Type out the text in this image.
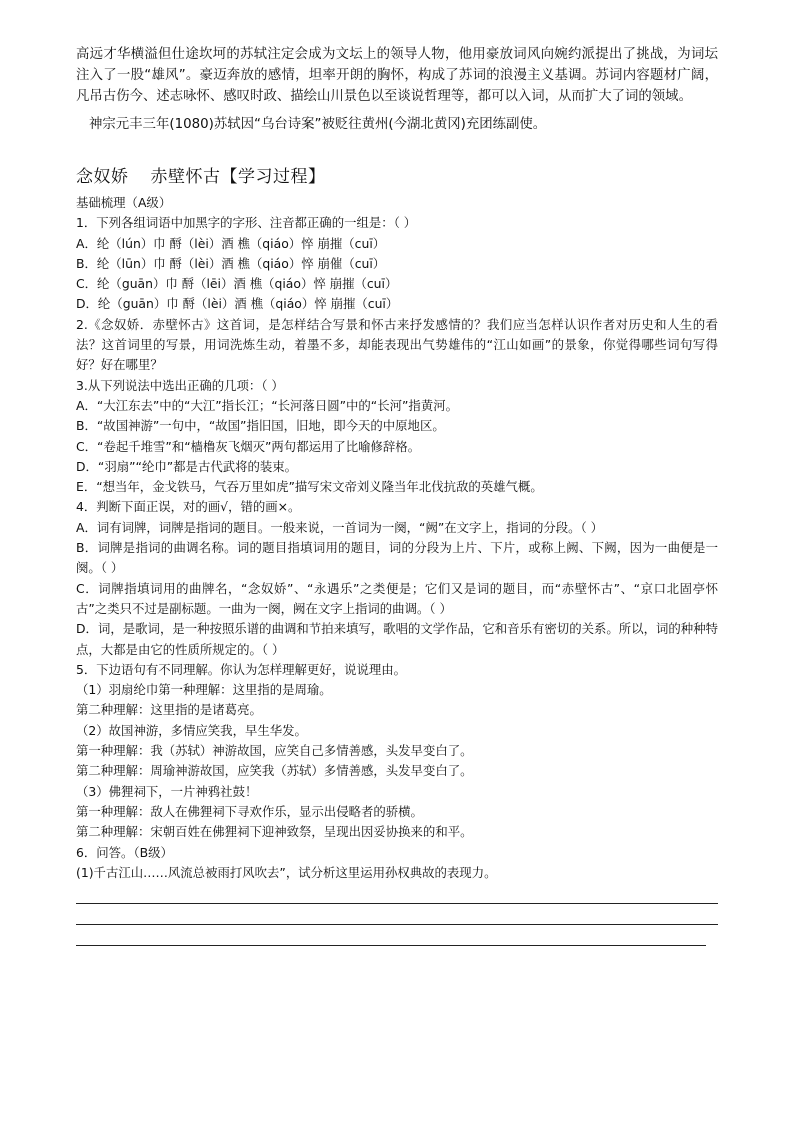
高远才华横溢但仕途坎坷的苏轼注定会成为文坛上的领导人物，他用豪放词风向婉约派提出了挑战，为词坛注入了一股“雄风”。豪迈奔放的感情，坦率开朗的胸怀，构成了苏词的浪漫主义基调。苏词内容题材广阔，凡吊古伤今、述志咏怀、感叹时政、描绘山川景色以至谈说哲理等，都可以入词，从而扩大了词的领域。

神宗元丰三年(1080)苏轼因“乌台诗案”被贬往黄州(今湖北黄冈)充团练副使。

念奴娇 赤壁怀古【学习过程】
基础梳理（A级）
1．下列各组词语中加黑字的字形、注音都正确的一组是：（ ）
A．纶（lún）巾 酹（lèi）酒 樵（qiáo）悴 崩摧（cuī）
B．纶（lūn）巾 酹（lèi）酒 樵（qiáo）悴 崩催（cuī）
C．纶（guān）巾 酹（lēi）酒 樵（qiáo）悴 崩摧（cuī）
D．纶（guān）巾 酹（lèi）酒 樵（qiáo）悴 崩摧（cuī）
2.《念奴娇．赤壁怀古》这首词，是怎样结合写景和怀古来抒发感情的？我们应当怎样认识作者对历史和人生的看法？这首词里的写景，用词洗炼生动，着墨不多，却能表现出气势雄伟的“江山如画”的景象，你觉得哪些词句写得好？好在哪里？
3.从下列说法中选出正确的几项：（ ）
A．“大江东去”中的“大江”指长江；“长河落日圆”中的“长河”指黄河。
B．“故国神游”一句中，“故国”指旧国，旧地，即今天的中原地区。
C．“卷起千堆雪”和“樯橹灰飞烟灭”两句都运用了比喻修辞格。
D．“羽扇”“纶巾”都是古代武将的装束。
E．“想当年，金戈铁马，气吞万里如虎”描写宋文帝刘义隆当年北伐抗敌的英雄气概。
4．判断下面正误，对的画√，错的画×。
A．词有词牌，词牌是指词的题目。一般来说，一首词为一阕，“阙”在文字上，指词的分段。（ ）
B．词牌是指词的曲调名称。词的题目指填词用的题目，词的分段为上片、下片，或称上阙、下阙，因为一曲便是一阕。（ ）
C．词牌指填词用的曲牌名，“念奴娇”、“永遇乐”之类便是；它们又是词的题目，而“赤壁怀古”、“京口北固亭怀古”之类只不过是副标题。一曲为一阕，阙在文字上指词的曲调。（ ）
D．词，是歌词，是一种按照乐谱的曲调和节拍来填写，歌唱的文学作品，它和音乐有密切的关系。所以，词的种种特点，大都是由它的性质所规定的。（ ）
5．下边语句有不同理解。你认为怎样理解更好，说说理由。
（1）羽扇纶巾第一种理解：这里指的是周瑜。
第二种理解：这里指的是诸葛亮。
（2）故国神游，多情应笑我，早生华发。
第一种理解：我（苏轼）神游故国，应笑自己多情善感，头发早变白了。
第二种理解：周瑜神游故国，应笑我（苏轼）多情善感，头发早变白了。
（3）佛狸祠下，一片神鸦社鼓！
第一种理解：敌人在佛狸祠下寻欢作乐，显示出侵略者的骄横。
第二种理解：宋朝百姓在佛狸祠下迎神致祭，呈现出因妥协换来的和平。
6．问答。（B级）
(1)千古江山……风流总被雨打风吹去”，试分析这里运用孙权典故的表现力。
